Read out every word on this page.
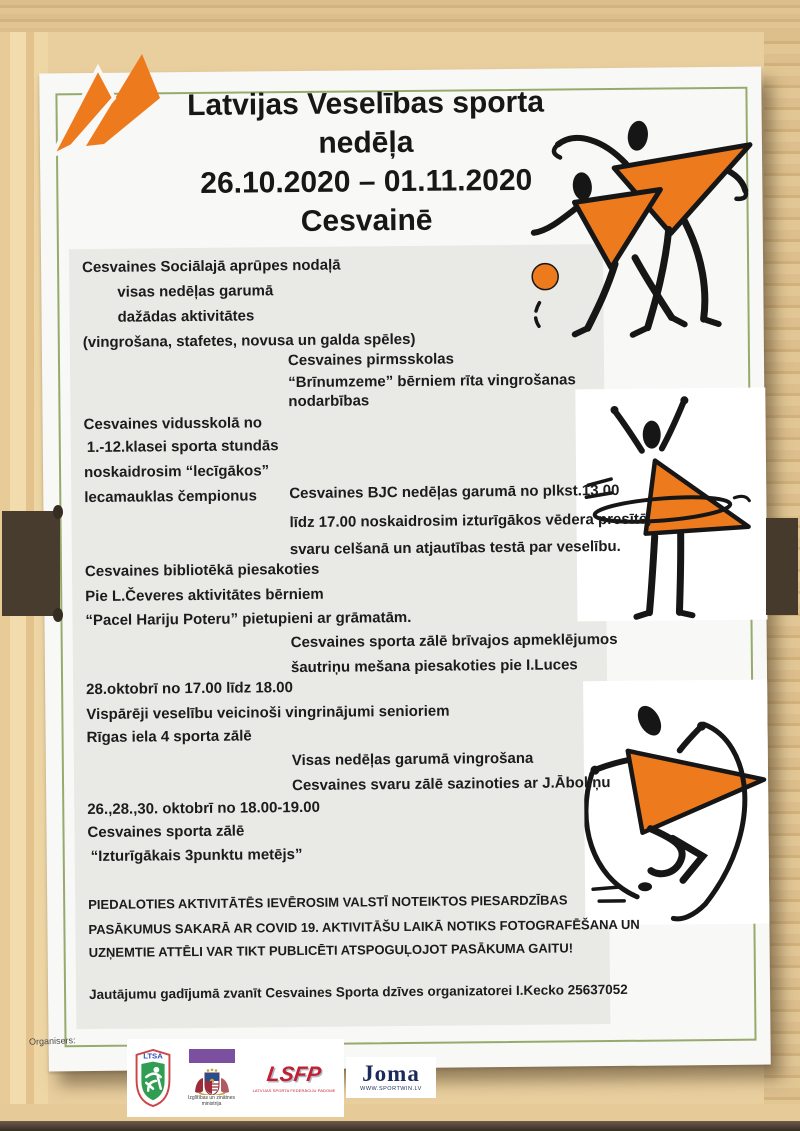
Latvijas Veselības sporta
nedēļa
26.10.2020 – 01.11.2020
Cesvainē
Cesvaines Sociālajā aprūpes nodaļā
visas nedēļas garumā
dažādas aktivitātes
(vingrošana, stafetes, novusa un galda spēles)
Cesvaines pirmsskolas
“Brīnumzeme” bērniem rīta vingrošanas
nodarbības
Cesvaines vidusskolā no
1.-12.klasei sporta stundās
noskaidrosim “lecīgākos”
lecamauklas čempionus Cesvaines BJC nedēļas garumā no plkst.13.00
līdz 17.00 noskaidrosim izturīgākos vēdera presītē,
svaru celšanā un atjautības testā par veselību.
Cesvaines bibliotēkā piesakoties
Pie L.Čeveres aktivitātes bērniem
“Pacel Hariju Poteru” pietupieni ar grāmatām.
Cesvaines sporta zālē brīvajos apmeklējumos
šautriņu mešana piesakoties pie I.Luces
28.oktobrī no 17.00 līdz 18.00
Vispārēji veselību veicinoši vingrinājumi senioriem
Rīgas iela 4 sporta zālē
Visas nedēļas garumā vingrošana
Cesvaines svaru zālē sazinoties ar J.Āboliņu
26.,28.,30. oktobrī no 18.00-19.00
Cesvaines sporta zālē
“Izturīgākais 3punktu metējs”
PIEDALOTIES AKTIVITĀTĒS IEVĒROSIM VALSTĪ NOTEIKTOS PIESARDZĪBAS
PASĀKUMUS SAKARĀ AR COVID 19. AKTIVITĀŠU LAIKĀ NOTIKS FOTOGRAFĒŠANA UN
UZŅEMTIE ATTĒLI VAR TIKT PUBLICĒTI ATSPOGUĻOJOT PASĀKUMA GAITU!
Jautājumu gadījumā zvanīt Cesvaines Sporta dzīves organizatorei I.Kecko 25637052
Organisers:
LTSA
Izglītības un zinātnes
ministrija
LSFP
LATVIJAS SPORTA FEDERĀCIJU PADOME
Joma
WWW.SPORTWIN.LV
